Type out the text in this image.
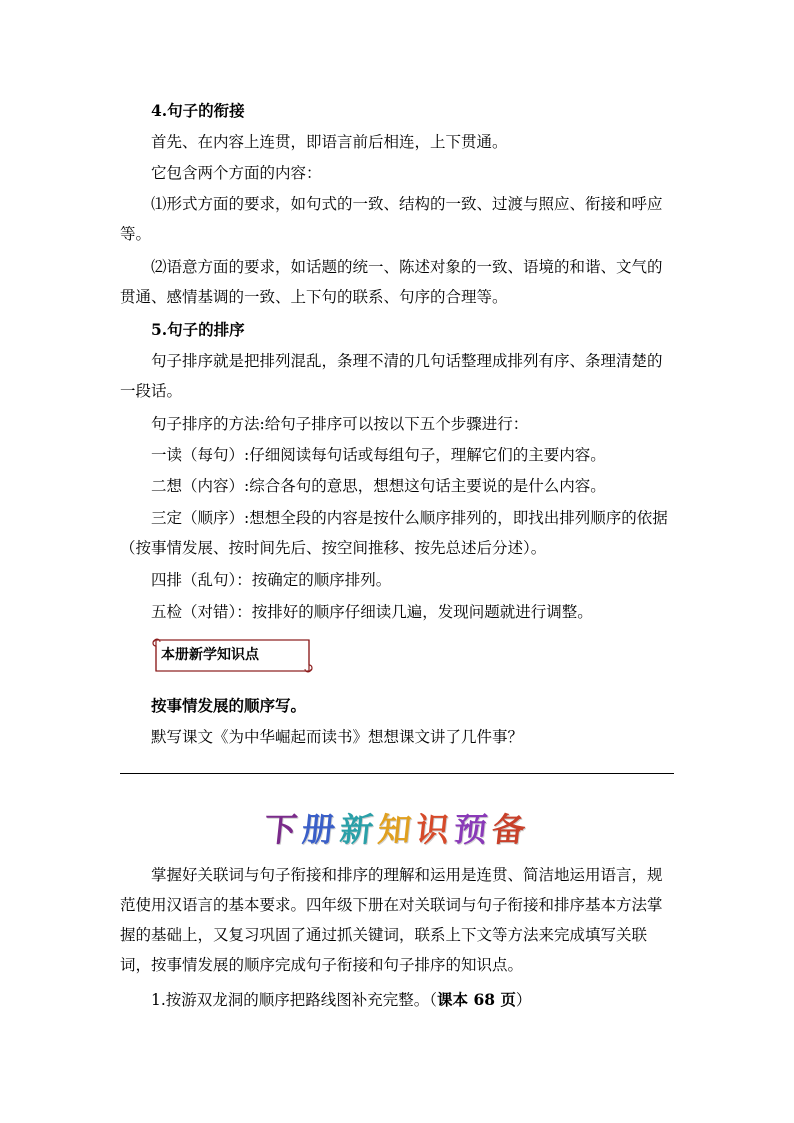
4.句子的衔接

首先、在内容上连贯，即语言前后相连，上下贯通。

它包含两个方面的内容：

⑴形式方面的要求，如句式的一致、结构的一致、过渡与照应、衔接和呼应等。

⑵语意方面的要求，如话题的统一、陈述对象的一致、语境的和谐、文气的贯通、感情基调的一致、上下句的联系、句序的合理等。

5.句子的排序

句子排序就是把排列混乱，条理不清的几句话整理成排列有序、条理清楚的一段话。

句子排序的方法:给句子排序可以按以下五个步骤进行：

一读（每句）:仔细阅读每句话或每组句子，理解它们的主要内容。

二想（内容）:综合各句的意思，想想这句话主要说的是什么内容。

三定（顺序）:想想全段的内容是按什么顺序排列的，即找出排列顺序的依据（按事情发展、按时间先后、按空间推移、按先总述后分述）。

四排（乱句）：按确定的顺序排列。

五检（对错）：按排好的顺序仔细读几遍，发现问题就进行调整。

本册新学知识点

按事情发展的顺序写。

默写课文《为中华崛起而读书》想想课文讲了几件事？

下册新知识预备

掌握好关联词与句子衔接和排序的理解和运用是连贯、简洁地运用语言，规范使用汉语言的基本要求。四年级下册在对关联词与句子衔接和排序基本方法掌握的基础上，又复习巩固了通过抓关键词，联系上下文等方法来完成填写关联词，按事情发展的顺序完成句子衔接和句子排序的知识点。

1.按游双龙洞的顺序把路线图补充完整。（课本 68 页）
